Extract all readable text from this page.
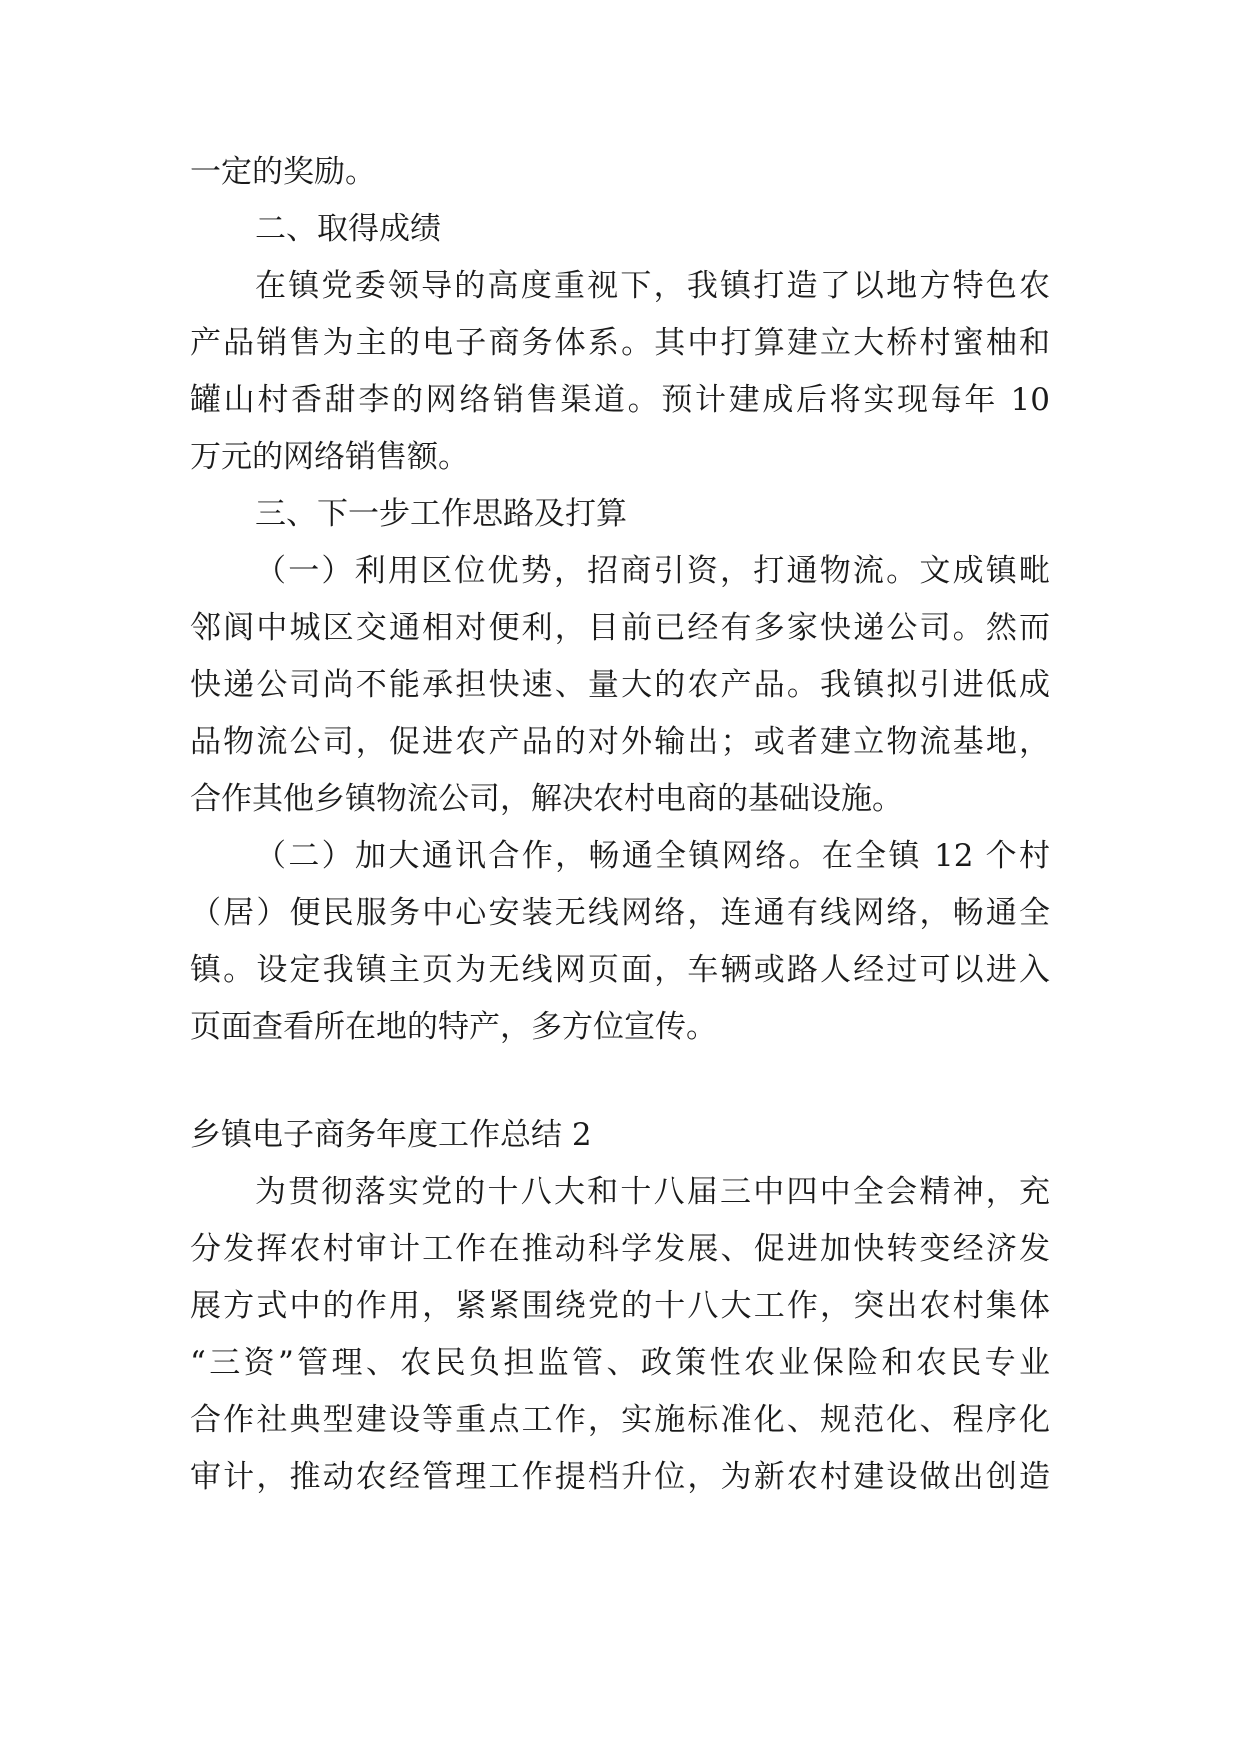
一定的奖励。
二、取得成绩
在镇党委领导的高度重视下，我镇打造了以地方特色农
产品销售为主的电子商务体系。其中打算建立大桥村蜜柚和
罐山村香甜李的网络销售渠道。预计建成后将实现每年 10
万元的网络销售额。
三、下一步工作思路及打算
（一）利用区位优势，招商引资，打通物流。文成镇毗
邻阆中城区交通相对便利，目前已经有多家快递公司。然而
快递公司尚不能承担快速、量大的农产品。我镇拟引进低成
品物流公司，促进农产品的对外输出；或者建立物流基地，
合作其他乡镇物流公司，解决农村电商的基础设施。
（二）加大通讯合作，畅通全镇网络。在全镇 12 个村
（居）便民服务中心安装无线网络，连通有线网络，畅通全
镇。设定我镇主页为无线网页面，车辆或路人经过可以进入
页面查看所在地的特产，多方位宣传。
乡镇电子商务年度工作总结 2
为贯彻落实党的十八大和十八届三中四中全会精神，充
分发挥农村审计工作在推动科学发展、促进加快转变经济发
展方式中的作用，紧紧围绕党的十八大工作，突出农村集体
“三资”管理、农民负担监管、政策性农业保险和农民专业
合作社典型建设等重点工作，实施标准化、规范化、程序化
审计，推动农经管理工作提档升位，为新农村建设做出创造
